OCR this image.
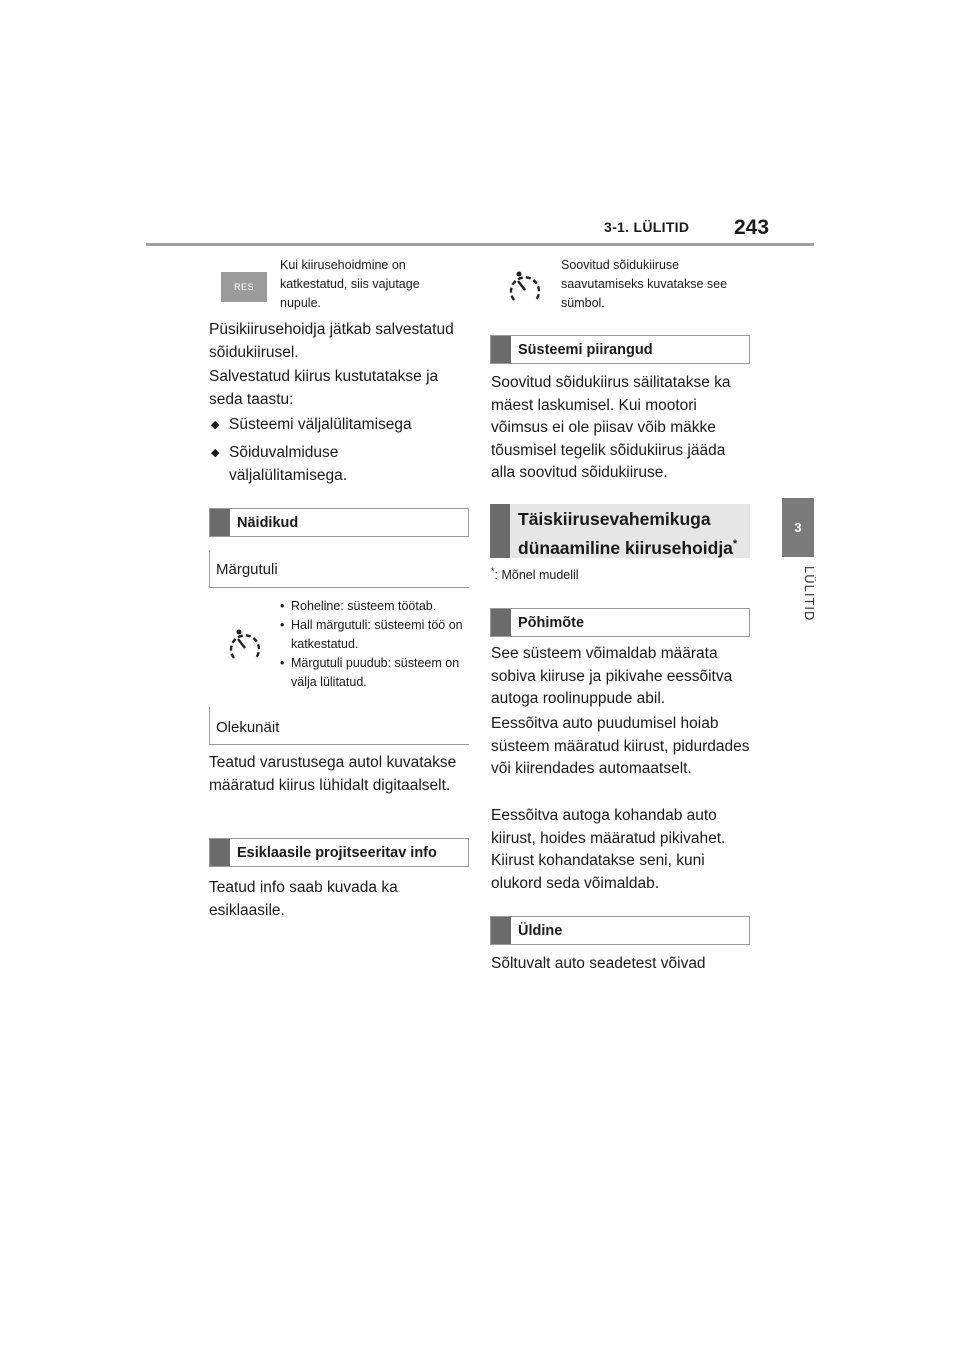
3-1. LÜLITID 243
3
LÜLITID
RES
Kui kiirusehoidmine on katkestatud, siis vajutage nupule.
Püsikiirusehoidja jätkab salvestatud sõidukiirusel.
Salvestatud kiirus kustutatakse ja seda taastu:
◆ Süsteemi väljalülitamisega
◆ Sõiduvalmiduse väljalülitamisega.
Näidikud
Märgutuli
• Roheline: süsteem töötab.
• Hall märgutuli: süsteemi töö on katkestatud.
• Märgutuli puudub: süsteem on välja lülitatud.
Olekunäit
Teatud varustusega autol kuvatakse määratud kiirus lühidalt digitaalselt.
Esiklaasile projitseeritav info
Teatud info saab kuvada ka esiklaasile.
Soovitud sõidukiiruse saavutamiseks kuvatakse see sümbol.
Süsteemi piirangud
Soovitud sõidukiirus säilitatakse ka mäest laskumisel. Kui mootori võimsus ei ole piisav võib mäkke tõusmisel tegelik sõidukiirus jääda alla soovitud sõidukiiruse.
Täiskiirusevahemikuga
dünaamiline kiirusehoidja*
*: Mõnel mudelil
Põhimõte
See süsteem võimaldab määrata sobiva kiiruse ja pikivahe eessõitva autoga roolinuppude abil.
Eessõitva auto puudumisel hoiab süsteem määratud kiirust, pidurdades või kiirendades automaatselt.
Eessõitva autoga kohandab auto kiirust, hoides määratud pikivahet. Kiirust kohandatakse seni, kuni olukord seda võimaldab.
Üldine
Sõltuvalt auto seadetest võivad
